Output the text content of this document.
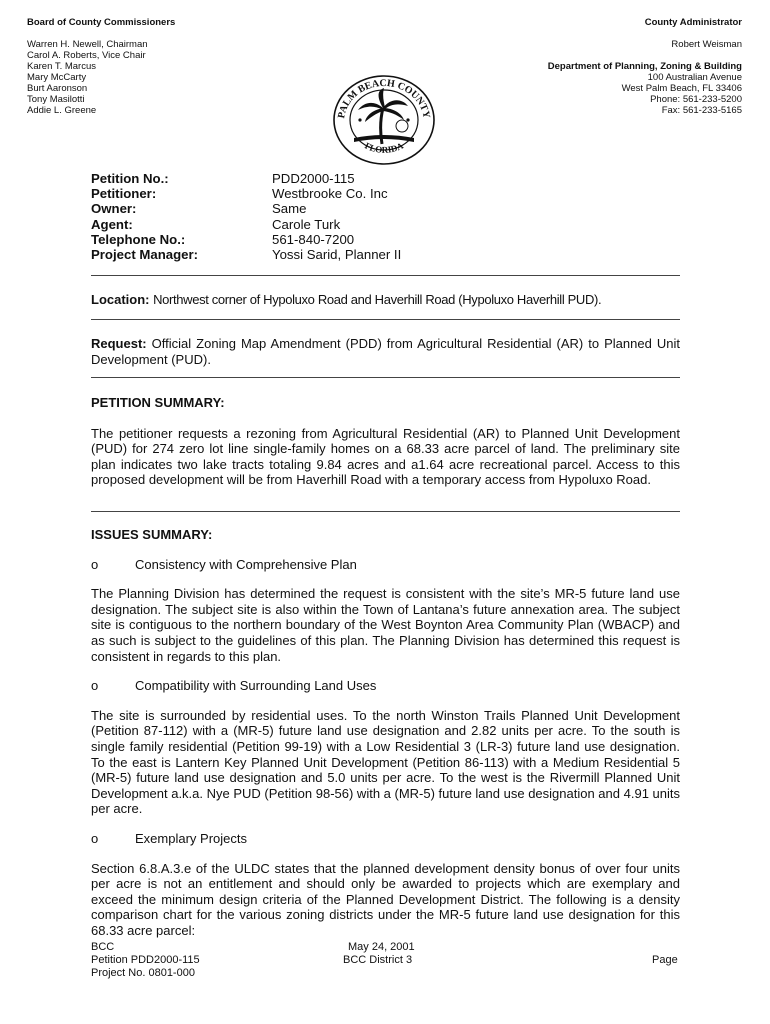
Board of County Commissioners
Warren H. Newell, Chairman
Carol A. Roberts, Vice Chair
Karen T. Marcus
Mary McCarty
Burt Aaronson
Tony Masilotti
Addie L. Greene
County Administrator
Robert Weisman
Department of Planning, Zoning & Building
100 Australian Avenue
West Palm Beach, FL 33406
Phone: 561-233-5200
Fax: 561-233-5165
PALM BEACH COUNTY
FLORIDA
Petition No.:	PDD2000-115
Petitioner:	Westbrooke Co. Inc
Owner:	Same
Agent:	Carole Turk
Telephone No.:	561-840-7200
Project Manager:	Yossi Sarid, Planner II
Location: Northwest corner of Hypoluxo Road and Haverhill Road (Hypoluxo Haverhill PUD).
Request: Official Zoning Map Amendment (PDD) from Agricultural Residential (AR) to Planned Unit Development (PUD).
PETITION SUMMARY:
The petitioner requests a rezoning from Agricultural Residential (AR) to Planned Unit Development (PUD) for 274 zero lot line single-family homes on a 68.33 acre parcel of land. The preliminary site plan indicates two lake tracts totaling 9.84 acres and a1.64 acre recreational parcel. Access to this proposed development will be from Haverhill Road with a temporary access from Hypoluxo Road.
ISSUES SUMMARY:
o	Consistency with Comprehensive Plan
The Planning Division has determined the request is consistent with the site’s MR-5 future land use designation. The subject site is also within the Town of Lantana’s future annexation area. The subject site is contiguous to the northern boundary of the West Boynton Area Community Plan (WBACP) and as such is subject to the guidelines of this plan. The Planning Division has determined this request is consistent in regards to this plan.
o	Compatibility with Surrounding Land Uses
The site is surrounded by residential uses. To the north Winston Trails Planned Unit Development (Petition 87-112) with a (MR-5) future land use designation and 2.82 units per acre. To the south is single family residential (Petition 99-19) with a Low Residential 3 (LR-3) future land use designation. To the east is Lantern Key Planned Unit Development (Petition 86-113) with a Medium Residential 5 (MR-5) future land use designation and 5.0 units per acre. To the west is the Rivermill Planned Unit Development a.k.a. Nye PUD (Petition 98-56) with a (MR-5) future land use designation and 4.91 units per acre.
o	Exemplary Projects
Section 6.8.A.3.e of the ULDC states that the planned development density bonus of over four units per acre is not an entitlement and should only be awarded to projects which are exemplary and exceed the minimum design criteria of the Planned Development District. The following is a density comparison chart for the various zoning districts under the MR-5 future land use designation for this 68.33 acre parcel:
BCC
Petition PDD2000-115
Project No. 0801-000
May 24, 2001
BCC District 3	Page
